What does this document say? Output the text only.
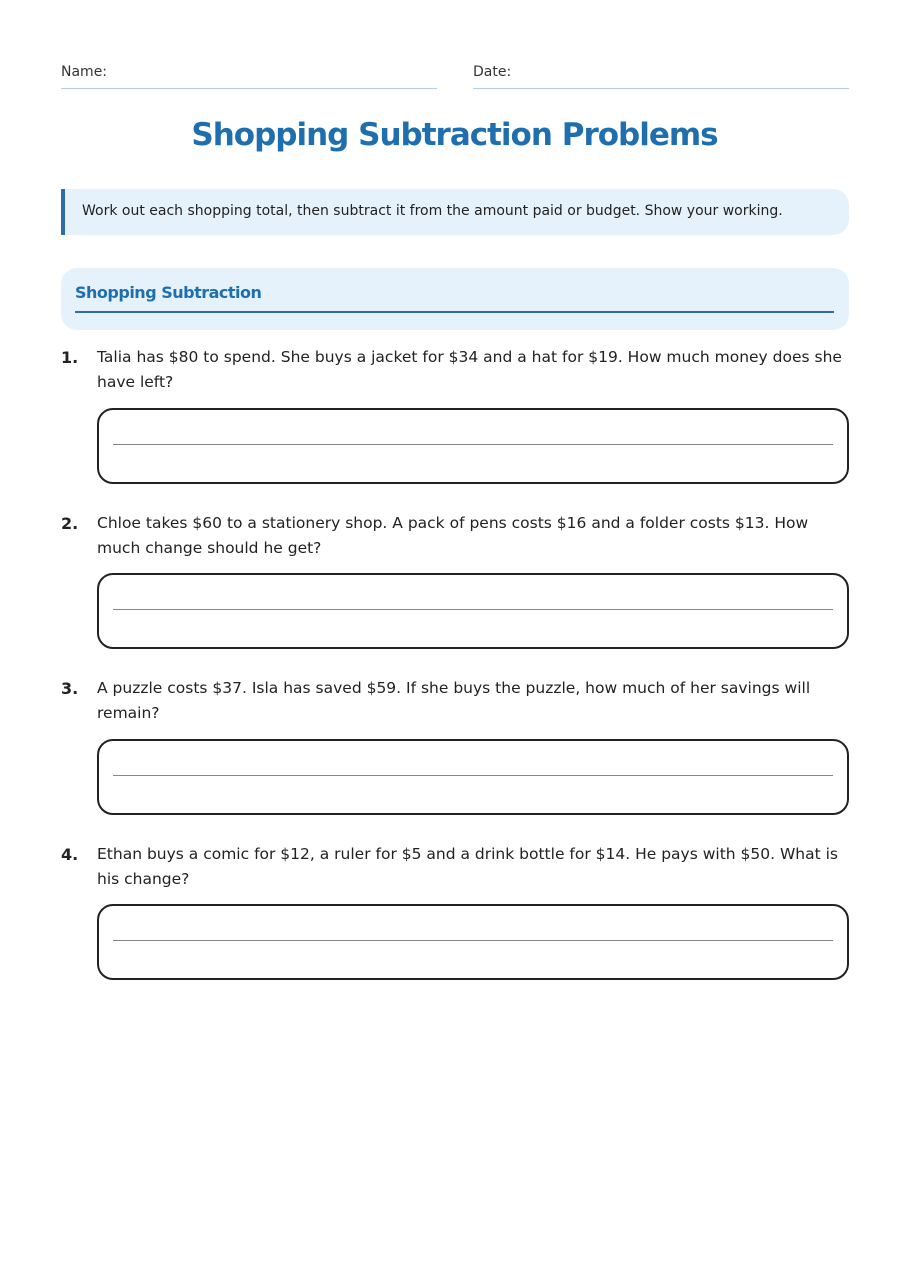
Name:	Date:
Shopping Subtraction Problems
Work out each shopping total, then subtract it from the amount paid or budget. Show your working.
Shopping Subtraction
1. Talia has $80 to spend. She buys a jacket for $34 and a hat for $19. How much money does she have left?
2. Chloe takes $60 to a stationery shop. A pack of pens costs $16 and a folder costs $13. How much change should he get?
3. A puzzle costs $37. Isla has saved $59. If she buys the puzzle, how much of her savings will remain?
4. Ethan buys a comic for $12, a ruler for $5 and a drink bottle for $14. He pays with $50. What is his change?
